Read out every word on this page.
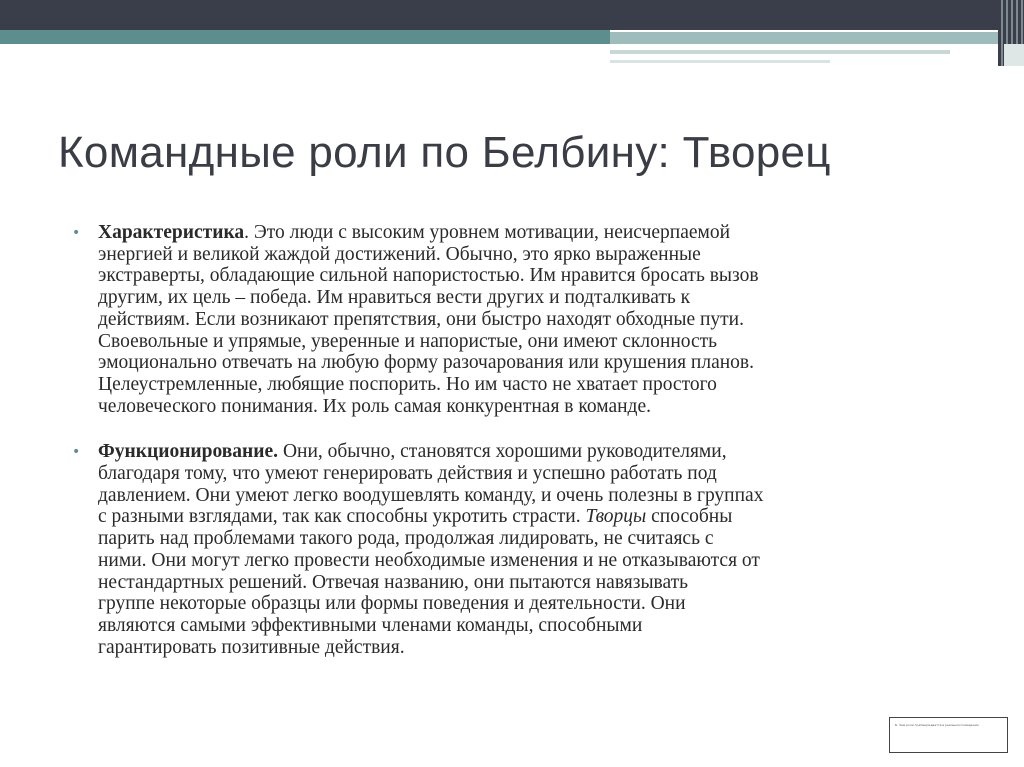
Командные роли по Белбину: Творец
• Характеристика. Это люди с высоким уровнем мотивации, неисчерпаемой
энергией и великой жаждой достижений. Обычно, это ярко выраженные
экстраверты, обладающие сильной напористостью. Им нравится бросать вызов
другим, их цель – победа. Им нравиться вести других и подталкивать к
действиям. Если возникают препятствия, они быстро находят обходные пути.
Своевольные и упрямые, уверенные и напористые, они имеют склонность
эмоционально отвечать на любую форму разочарования или крушения планов.
Целеустремленные, любящие поспорить. Но им часто не хватает простого
человеческого понимания. Их роль самая конкурентная в команде.
• Функционирование. Они, обычно, становятся хорошими руководителями,
благодаря тому, что умеют генерировать действия и успешно работать под
давлением. Они умеют легко воодушевлять команду, и очень полезны в группах
с разными взглядами, так как способны укротить страсти. Творцы способны
парить над проблемами такого рода, продолжая лидировать, не считаясь с
ними. Они могут легко провести необходимые изменения и не отказываются от
нестандартных решений. Отвечая названию, они пытаются навязывать
группе некоторые образцы или формы поведения и деятельности. Они
являются самыми эффективными членами команды, способными
гарантировать позитивные действия.
Б. Чем роли подтверждается в реальном поведении
